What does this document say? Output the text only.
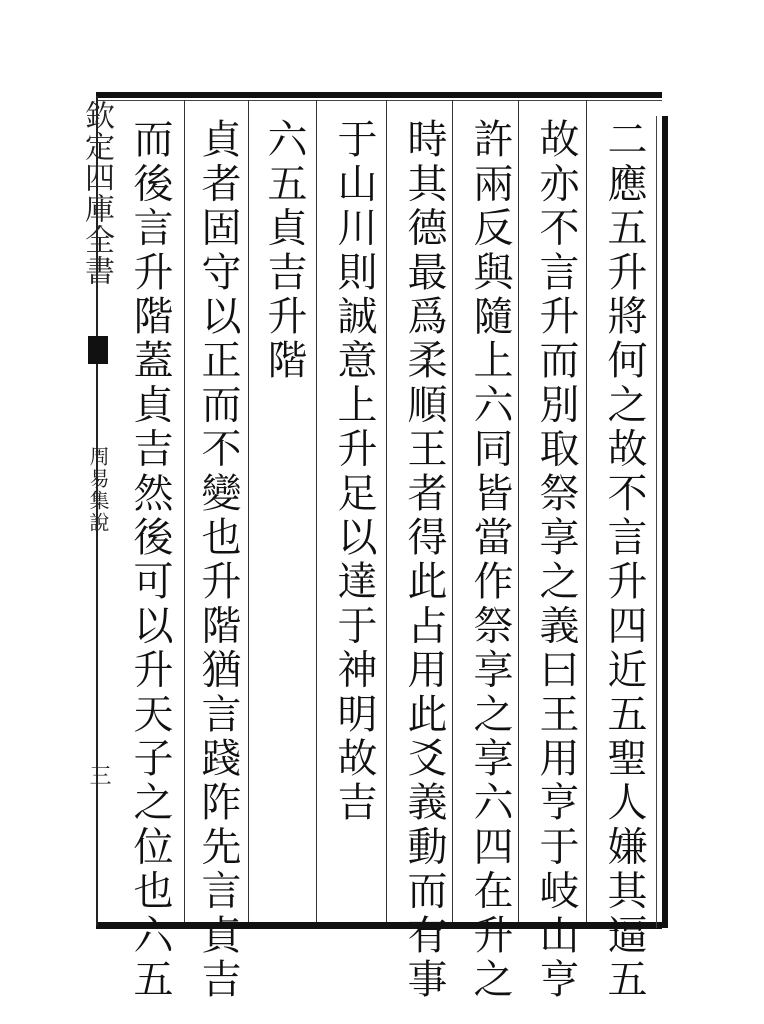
欽定四庫全書
周易集說
三	二應五升將何之故不言升四近五聖人嫌其逼五
故亦不言升而別取祭享之義曰王用亨于岐山亨
許兩反與隨上六同皆當作祭享之享六四在升之
時其德最爲柔順王者得此占用此爻義動而有事
于山川則誠意上升足以達于神明故吉
六五貞吉升階
貞者固守以正而不變也升階猶言踐阼先言貞吉
而後言升階蓋貞吉然後可以升天子之位也六五
